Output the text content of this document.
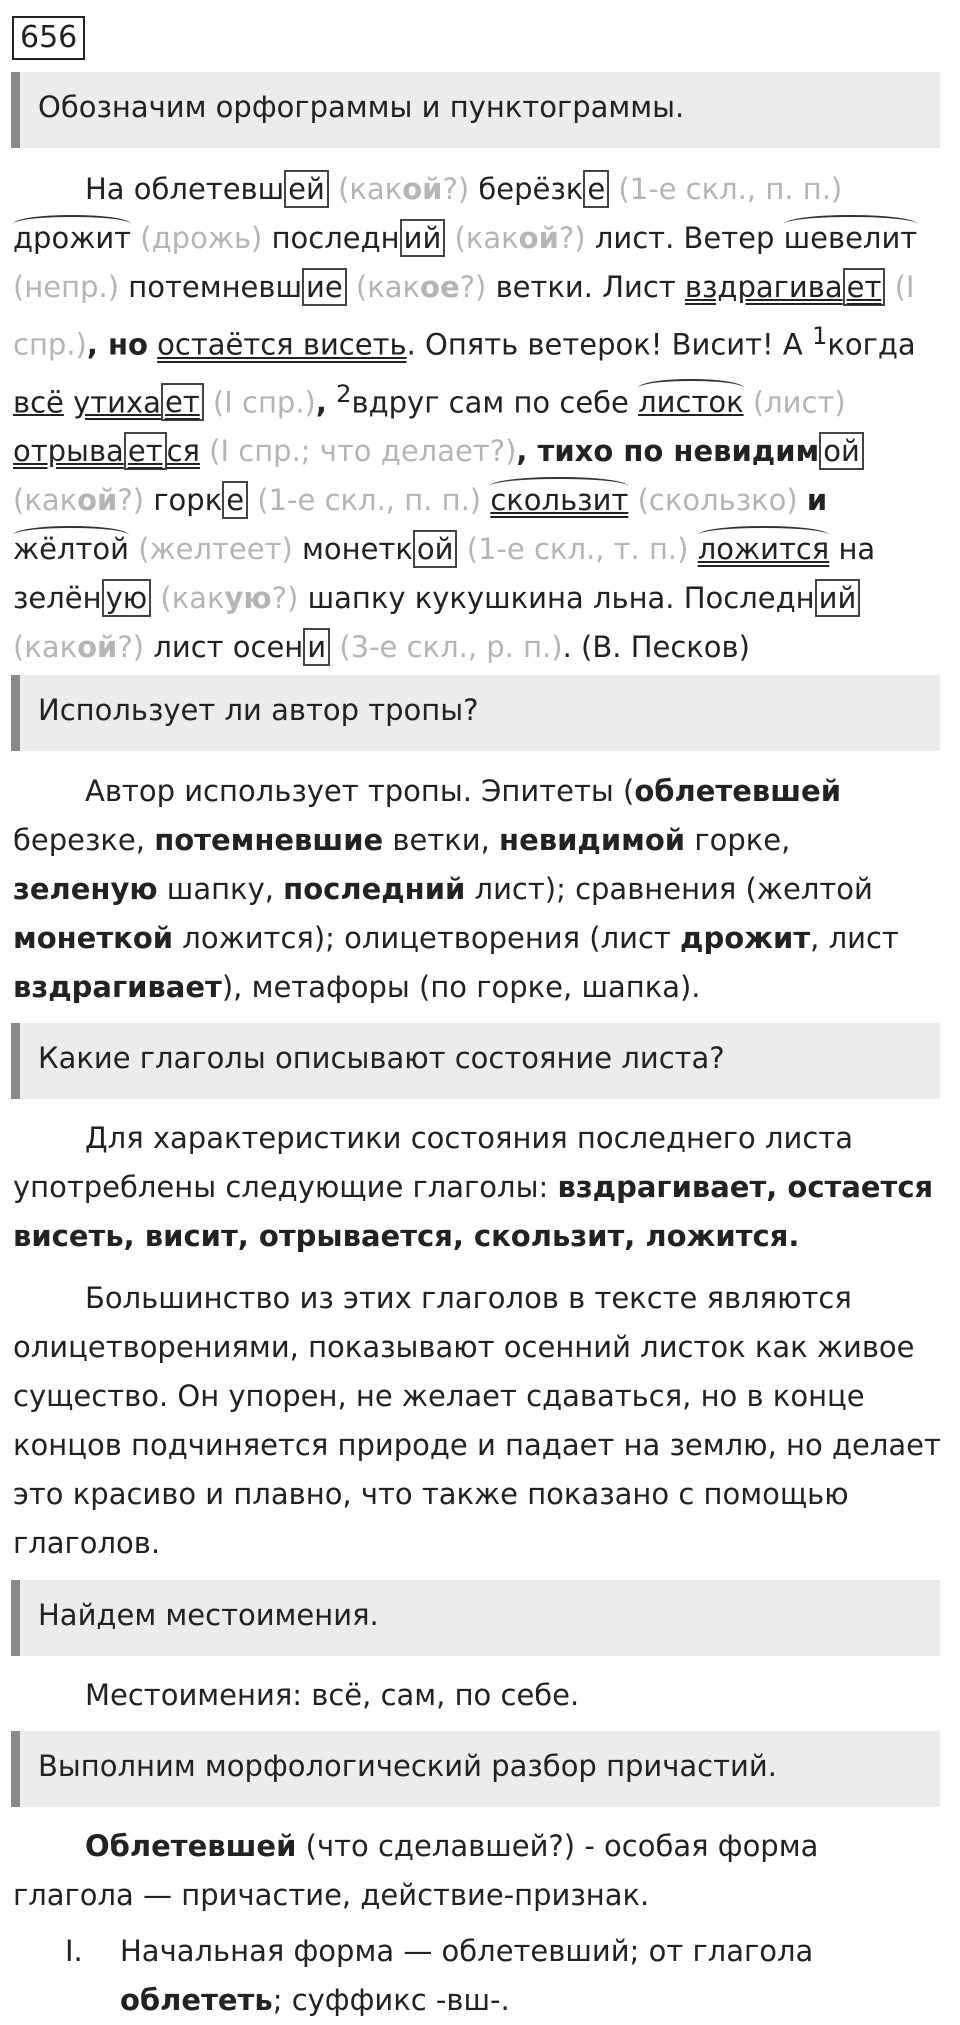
656
Обозначим орфограммы и пунктограммы.
На облетевш ей (какой?) берёзк е (1-е скл., п. п.) дрожит (дрожь) последн ий (какой?) лист. Ветер шевелит (непр.) потемневш ие (какое?) ветки. Лист вздрагива ет (I спр.), но остаётся висеть. Опять ветерок! Висит! А $^1$когда всё утиха ет (I спр.), $^2$вдруг сам по себе листок (лист) отрыва ет ся (I спр.; что делает?), тихо по невидим ой (какой?) горк е (1-е скл., п. п.) скользит (скользко) и жёлтой (желтеет) монетк ой (1-е скл., т. п.) ложится на зелён ую (какую?) шапку кукушкина льна. Последн ий (какой?) лист осен и (3-е скл., р. п.). (В. Песков)
Использует ли автор тропы?
Автор использует тропы. Эпитеты (облетевшей березке, потемневшие ветки, невидимой горке, зеленую шапку, последний лист); сравнения (желтой монеткой ложится); олицетворения (лист дрожит, лист вздрагивает), метафоры (по горке, шапка).
Какие глаголы описывают состояние листа?
Для характеристики состояния последнего листа употреблены следующие глаголы: вздрагивает, остается висеть, висит, отрывается, скользит, ложится.
Большинство из этих глаголов в тексте являются олицетворениями, показывают осенний листок как живое существо. Он упорен, не желает сдаваться, но в конце концов подчиняется природе и падает на землю, но делает это красиво и плавно, что также показано с помощью глаголов.
Найдем местоимения.
Местоимения: всё, сам, по себе.
Выполним морфологический разбор причастий.
Облетевшей (что сделавшей?) - особая форма глагола — причастие, действие-признак.
I.	Начальная форма — облетевший; от глагола облететь; суффикс -вш-.
